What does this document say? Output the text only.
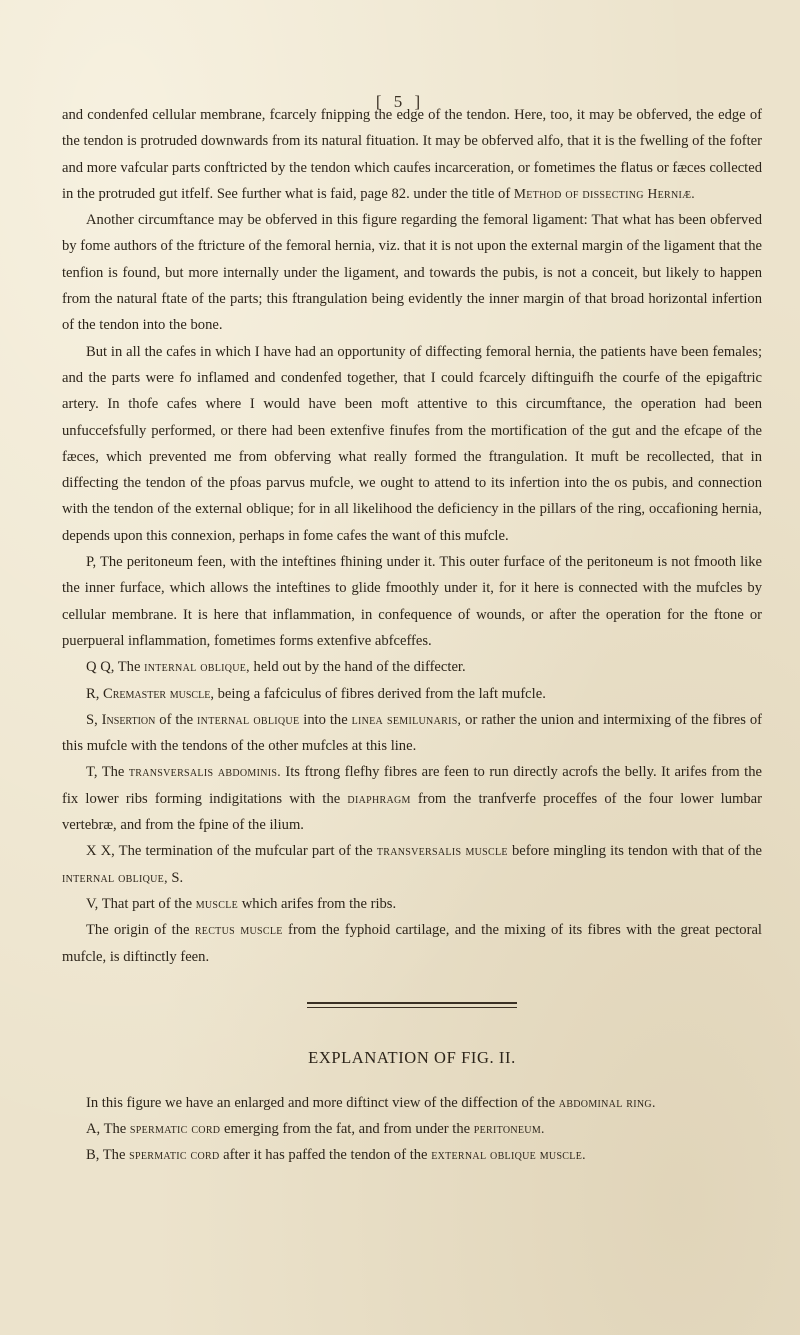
[ 5 ]

and condenfed cellular membrane, fcarcely fnipping the edge of the tendon. Here, too, it may be obferved, the edge of the tendon is protruded downwards from its natural fituation. It may be obferved alfo, that it is the fwelling of the fofter and more vafcular parts conftricted by the tendon which caufes incarceration, or fometimes the flatus or fæces collected in the protruded gut itfelf. See further what is faid, page 82. under the title of Method of dissecting Herniæ.

Another circumftance may be obferved in this figure regarding the femoral ligament: That what has been obferved by fome authors of the ftricture of the femoral hernia, viz. that it is not upon the external margin of the ligament that the tenfion is found, but more internally under the ligament, and towards the pubis, is not a conceit, but likely to happen from the natural ftate of the parts; this ftrangulation being evidently the inner margin of that broad horizontal infertion of the tendon into the bone.

But in all the cafes in which I have had an opportunity of diffecting femoral hernia, the patients have been females; and the parts were fo inflamed and condenfed together, that I could fcarcely diftinguifh the courfe of the epigaftric artery. In thofe cafes where I would have been moft attentive to this circumftance, the operation had been unfuccefsfully performed, or there had been extenfive finufes from the mortification of the gut and the efcape of the fæces, which prevented me from obferving what really formed the ftrangulation. It muft be recollected, that in diffecting the tendon of the pfoas parvus mufcle, we ought to attend to its infertion into the os pubis, and connection with the tendon of the external oblique; for in all likelihood the deficiency in the pillars of the ring, occafioning hernia, depends upon this connexion, perhaps in fome cafes the want of this mufcle.

P, The peritoneum feen, with the inteftines fhining under it. This outer furface of the peritoneum is not fmooth like the inner furface, which allows the inteftines to glide fmoothly under it, for it here is connected with the mufcles by cellular membrane. It is here that inflammation, in confequence of wounds, or after the operation for the ftone or puerpueral inflammation, fometimes forms extenfive abfceffes.

Q Q, The internal oblique, held out by the hand of the diffecter.

R, Cremaster muscle, being a fafciculus of fibres derived from the laft mufcle.

S, Insertion of the internal oblique into the linea semilunaris, or rather the union and intermixing of the fibres of this mufcle with the tendons of the other mufcles at this line.

T, The transversalis abdominis. Its ftrong flefhy fibres are feen to run directly acrofs the belly. It arifes from the fix lower ribs forming indigitations with the diaphragm from the tranfverfe proceffes of the four lower lumbar vertebræ, and from the fpine of the ilium.

X X, The termination of the mufcular part of the transversalis muscle before mingling its tendon with that of the internal oblique, S.

V, That part of the muscle which arifes from the ribs.

The origin of the rectus muscle from the fyphoid cartilage, and the mixing of its fibres with the great pectoral mufcle, is diftinctly feen.

EXPLANATION OF FIG. II.

In this figure we have an enlarged and more diftinct view of the diffection of the abdominal ring.

A, The spermatic cord emerging from the fat, and from under the peritoneum.

B, The spermatic cord after it has paffed the tendon of the external oblique muscle.
